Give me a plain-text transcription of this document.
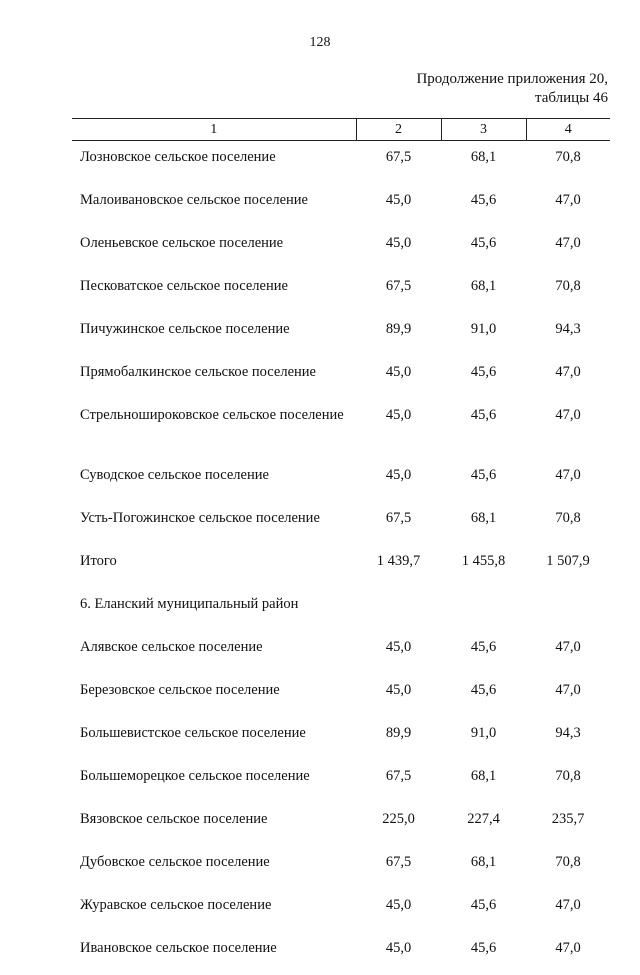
128
Продолжение приложения 20,
таблицы 46
1	2	3	4
Лозновское сельское поселение	67,5	68,1	70,8
Малоивановское сельское поселение	45,0	45,6	47,0
Оленьевское сельское поселение	45,0	45,6	47,0
Песковатское сельское поселение	67,5	68,1	70,8
Пичужинское сельское поселение	89,9	91,0	94,3
Прямобалкинское сельское поселение	45,0	45,6	47,0
Стрельноширoковское сельское поселение	45,0	45,6	47,0
Суводское сельское поселение	45,0	45,6	47,0
Усть-Погожинское сельское поселение	67,5	68,1	70,8
Итого	1 439,7	1 455,8	1 507,9
6. Еланский муниципальный район			
Алявское сельское поселение	45,0	45,6	47,0
Березовское сельское поселение	45,0	45,6	47,0
Большевистское сельское поселение	89,9	91,0	94,3
Большеморецкое сельское поселение	67,5	68,1	70,8
Вязовское сельское поселение	225,0	227,4	235,7
Дубовское сельское поселение	67,5	68,1	70,8
Журавское сельское поселение	45,0	45,6	47,0
Ивановское сельское поселение	45,0	45,6	47,0
